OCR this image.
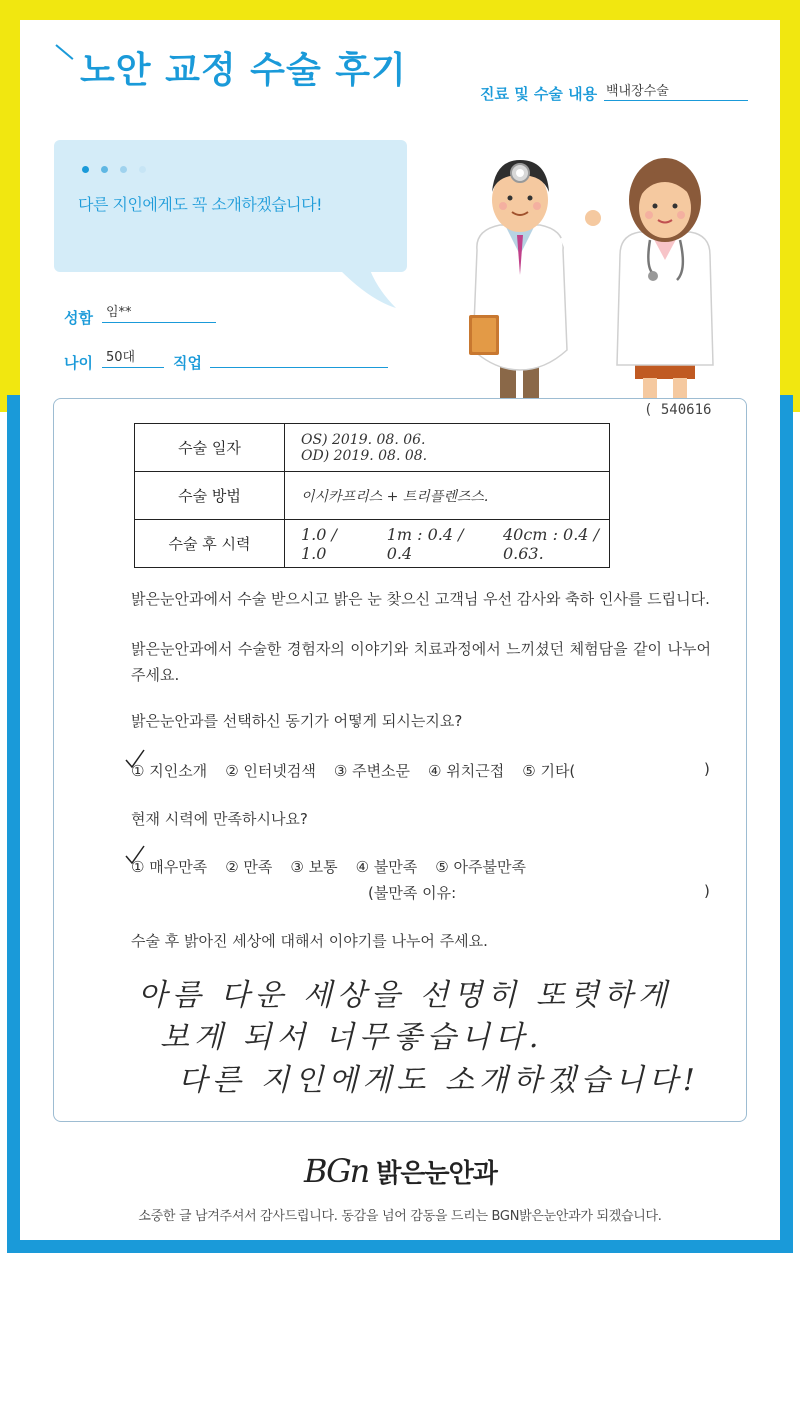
노안 교정 수술 후기
진료 및 수술 내용 백내장수술
다른 지인에게도 꼭 소개하겠습니다!
성함	임**
나이	50대	직업
( 540616
수술 일자	OS) 2019. 08. 06.
OD) 2019. 08. 08.

수술 방법	이시카프리스 + 트리플렌즈스.
수술 후 시력	1.0 / 1.0
1m : 0.4 / 0.4
40cm : 0.4 / 0.63.
밝은눈안과에서 수술 받으시고 밝은 눈 찾으신 고객님 우선 감사와 축하 인사를 드립니다.
밝은눈안과에서 수술한 경험자의 이야기와 치료과정에서 느끼셨던 체험담을 같이 나누어주세요.
밝은눈안과를 선택하신 동기가 어떻게 되시는지요?
① 지인소개 ② 인터넷검색 ③ 주변소문 ④ 위치근접 ⑤ 기타(	)
현재 시력에 만족하시나요?
① 매우만족 ② 만족 ③ 보통 ④ 불만족 ⑤ 아주불만족
(불만족 이유:	)
수술 후 밝아진 세상에 대해서 이야기를 나누어 주세요.
아름 다운 세상을 선명히 또렷하게
보게 되서 너무좋습니다.
다른 지인에게도 소개하겠습니다!
BGn 밝은눈안과
소중한 글 남겨주셔서 감사드립니다. 동감을 넘어 감동을 드리는 BGN밝은눈안과가 되겠습니다.
